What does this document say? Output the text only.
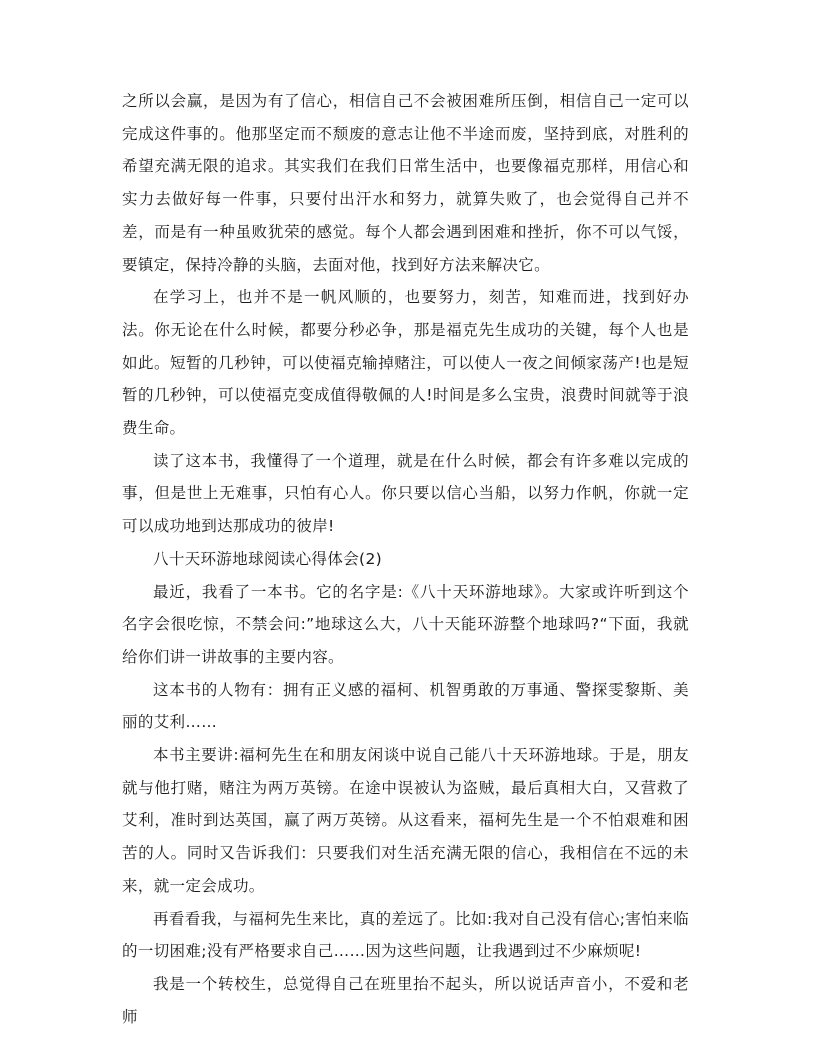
之所以会赢，是因为有了信心，相信自己不会被困难所压倒，相信自己一定可以完成这件事的。他那坚定而不颓废的意志让他不半途而废，坚持到底，对胜利的希望充满无限的追求。其实我们在我们日常生活中，也要像福克那样，用信心和实力去做好每一件事，只要付出汗水和努力，就算失败了，也会觉得自己并不差，而是有一种虽败犹荣的感觉。每个人都会遇到困难和挫折，你不可以气馁，要镇定，保持冷静的头脑，去面对他，找到好方法来解决它。

在学习上，也并不是一帆风顺的，也要努力，刻苦，知难而进，找到好办法。你无论在什么时候，都要分秒必争，那是福克先生成功的关键，每个人也是如此。短暂的几秒钟，可以使福克输掉赌注，可以使人一夜之间倾家荡产!也是短暂的几秒钟，可以使福克变成值得敬佩的人!时间是多么宝贵，浪费时间就等于浪费生命。

读了这本书，我懂得了一个道理，就是在什么时候，都会有许多难以完成的事，但是世上无难事，只怕有心人。你只要以信心当船，以努力作帆，你就一定可以成功地到达那成功的彼岸!

八十天环游地球阅读心得体会(2)

最近，我看了一本书。它的名字是:《八十天环游地球》。大家或许听到这个名字会很吃惊，不禁会问:”地球这么大，八十天能环游整个地球吗?“下面，我就给你们讲一讲故事的主要内容。

这本书的人物有：拥有正义感的福柯、机智勇敢的万事通、警探雯黎斯、美丽的艾利……

本书主要讲:福柯先生在和朋友闲谈中说自己能八十天环游地球。于是，朋友就与他打赌，赌注为两万英镑。在途中误被认为盗贼，最后真相大白，又营救了艾利，准时到达英国，赢了两万英镑。从这看来，福柯先生是一个不怕艰难和困苦的人。同时又告诉我们：只要我们对生活充满无限的信心，我相信在不远的未来，就一定会成功。

再看看我，与福柯先生来比，真的差远了。比如:我对自己没有信心;害怕来临的一切困难;没有严格要求自己……因为这些问题，让我遇到过不少麻烦呢!

我是一个转校生，总觉得自己在班里抬不起头，所以说话声音小，不爱和老师
